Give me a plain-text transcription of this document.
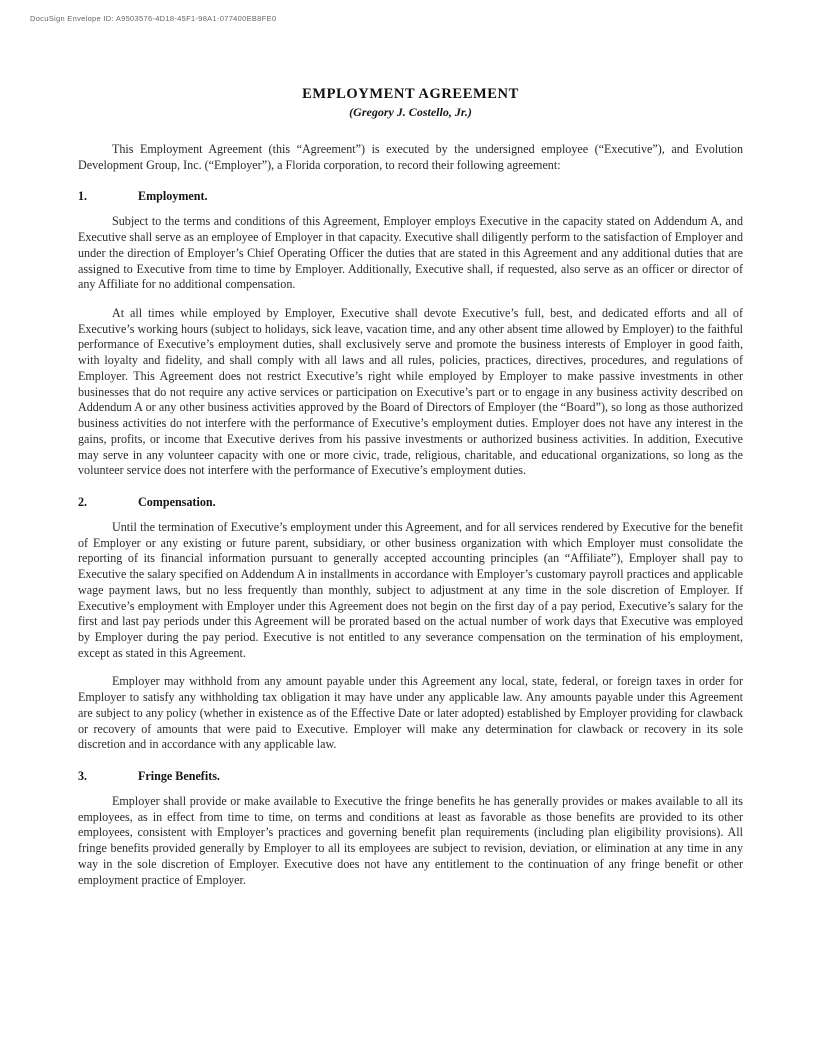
DocuSign Envelope ID: A9503576-4D18-45F1-98A1-077400EB8FE0
EMPLOYMENT AGREEMENT
(Gregory J. Costello, Jr.)

This Employment Agreement (this “Agreement”) is executed by the undersigned employee (“Executive”), and Evolution Development Group, Inc. (“Employer”), a Florida corporation, to record their following agreement:

1.	Employment.

Subject to the terms and conditions of this Agreement, Employer employs Executive in the capacity stated on Addendum A, and Executive shall serve as an employee of Employer in that capacity. Executive shall diligently perform to the satisfaction of Employer and under the direction of Employer’s Chief Operating Officer the duties that are stated in this Agreement and any additional duties that are assigned to Executive from time to time by Employer. Additionally, Executive shall, if requested, also serve as an officer or director of any Affiliate for no additional compensation.

At all times while employed by Employer, Executive shall devote Executive’s full, best, and dedicated efforts and all of Executive’s working hours (subject to holidays, sick leave, vacation time, and any other absent time allowed by Employer) to the faithful performance of Executive’s employment duties, shall exclusively serve and promote the business interests of Employer in good faith, with loyalty and fidelity, and shall comply with all laws and all rules, policies, practices, directives, procedures, and regulations of Employer. This Agreement does not restrict Executive’s right while employed by Employer to make passive investments in other businesses that do not require any active services or participation on Executive’s part or to engage in any business activity described on Addendum A or any other business activities approved by the Board of Directors of Employer (the “Board”), so long as those authorized business activities do not interfere with the performance of Executive’s employment duties. Employer does not have any interest in the gains, profits, or income that Executive derives from his passive investments or authorized business activities. In addition, Executive may serve in any volunteer capacity with one or more civic, trade, religious, charitable, and educational organizations, so long as the volunteer service does not interfere with the performance of Executive’s employment duties.

2.	Compensation.

Until the termination of Executive’s employment under this Agreement, and for all services rendered by Executive for the benefit of Employer or any existing or future parent, subsidiary, or other business organization with which Employer must consolidate the reporting of its financial information pursuant to generally accepted accounting principles (an “Affiliate”), Employer shall pay to Executive the salary specified on Addendum A in installments in accordance with Employer’s customary payroll practices and applicable wage payment laws, but no less frequently than monthly, subject to adjustment at any time in the sole discretion of Employer. If Executive’s employment with Employer under this Agreement does not begin on the first day of a pay period, Executive’s salary for the first and last pay periods under this Agreement will be prorated based on the actual number of work days that Executive was employed by Employer during the pay period. Executive is not entitled to any severance compensation on the termination of his employment, except as stated in this Agreement.

Employer may withhold from any amount payable under this Agreement any local, state, federal, or foreign taxes in order for Employer to satisfy any withholding tax obligation it may have under any applicable law. Any amounts payable under this Agreement are subject to any policy (whether in existence as of the Effective Date or later adopted) established by Employer providing for clawback or recovery of amounts that were paid to Executive. Employer will make any determination for clawback or recovery in its sole discretion and in accordance with any applicable law.

3.	Fringe Benefits.

Employer shall provide or make available to Executive the fringe benefits he has generally provides or makes available to all its employees, as in effect from time to time, on terms and conditions at least as favorable as those benefits are provided to its other employees, consistent with Employer’s practices and governing benefit plan requirements (including plan eligibility provisions). All fringe benefits provided generally by Employer to all its employees are subject to revision, deviation, or elimination at any time in any way in the sole discretion of Employer. Executive does not have any entitlement to the continuation of any fringe benefit or other employment practice of Employer.
